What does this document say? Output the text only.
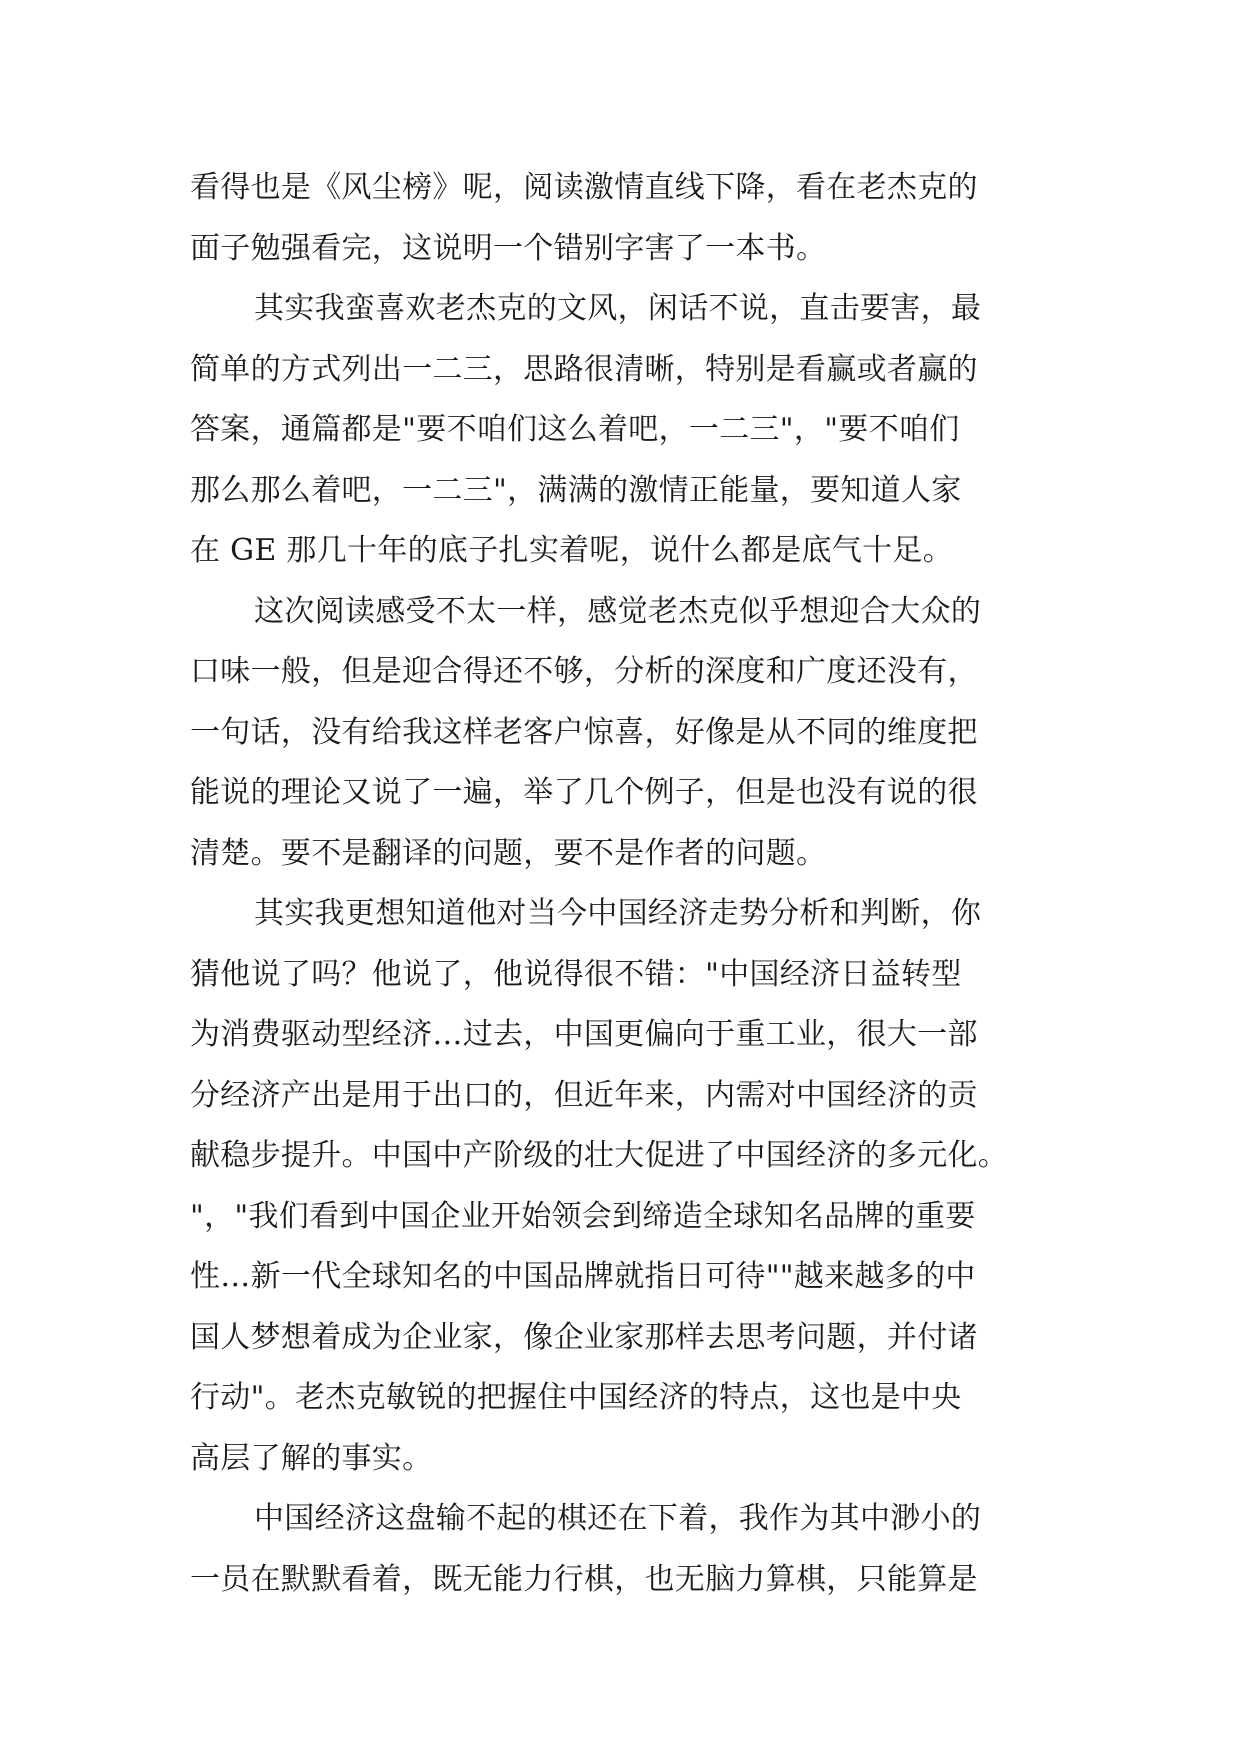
看得也是《风尘榜》呢，阅读激情直线下降，看在老杰克的
面子勉强看完，这说明一个错别字害了一本书。
其实我蛮喜欢老杰克的文风，闲话不说，直击要害，最
简单的方式列出一二三，思路很清晰，特别是看赢或者赢的
答案，通篇都是"要不咱们这么着吧，一二三"，"要不咱们
那么那么着吧，一二三"，满满的激情正能量，要知道人家
在 GE 那几十年的底子扎实着呢，说什么都是底气十足。
这次阅读感受不太一样，感觉老杰克似乎想迎合大众的
口味一般，但是迎合得还不够，分析的深度和广度还没有，
一句话，没有给我这样老客户惊喜，好像是从不同的维度把
能说的理论又说了一遍，举了几个例子，但是也没有说的很
清楚。要不是翻译的问题，要不是作者的问题。
其实我更想知道他对当今中国经济走势分析和判断，你
猜他说了吗？他说了，他说得很不错："中国经济日益转型
为消费驱动型经济…过去，中国更偏向于重工业，很大一部
分经济产出是用于出口的，但近年来，内需对中国经济的贡
献稳步提升。中国中产阶级的壮大促进了中国经济的多元化。
"，"我们看到中国企业开始领会到缔造全球知名品牌的重要
性…新一代全球知名的中国品牌就指日可待""越来越多的中
国人梦想着成为企业家，像企业家那样去思考问题，并付诸
行动"。老杰克敏锐的把握住中国经济的特点，这也是中央
高层了解的事实。
中国经济这盘输不起的棋还在下着，我作为其中渺小的
一员在默默看着，既无能力行棋，也无脑力算棋，只能算是
